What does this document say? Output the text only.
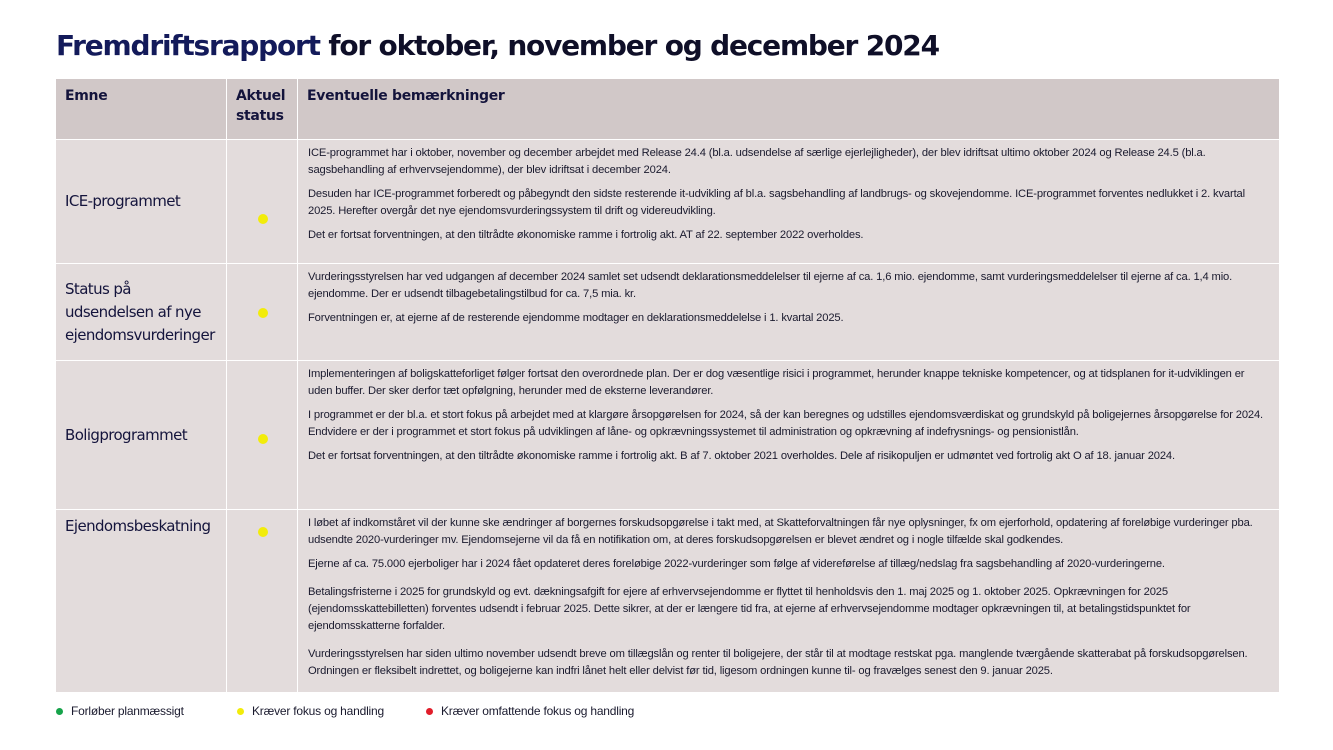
Fremdriftsrapport for oktober, november og december 2024
Emne	Aktuel status	Eventuelle bemærkninger
ICE-programmet		ICE-programmet har i oktober, november og december arbejdet med Release 24.4 (bl.a. udsendelse af særlige ejerlejligheder), der blev idriftsat ultimo oktober 2024 og Release 24.5 (bl.a. sagsbehandling af erhvervsejendomme), der blev idriftsat i december 2024.

Desuden har ICE-programmet forberedt og påbegyndt den sidste resterende it-udvikling af bl.a. sagsbehandling af landbrugs- og skovejendomme. ICE-programmet forventes nedlukket i 2. kvartal 2025. Herefter overgår det nye ejendomsvurderingssystem til drift og videreudvikling.

Det er fortsat forventningen, at den tiltrådte økonomiske ramme i fortrolig akt. AT af 22. september 2022 overholdes.

Status på udsendelsen af nye ejendomsvurderinger		Vurderingsstyrelsen har ved udgangen af december 2024 samlet set udsendt deklarationsmeddelelser til ejerne af ca. 1,6 mio. ejendomme, samt vurderingsmeddelelser til ejerne af ca. 1,4 mio. ejendomme. Der er udsendt tilbagebetalingstilbud for ca. 7,5 mia. kr.

Forventningen er, at ejerne af de resterende ejendomme modtager en deklarationsmeddelelse i 1. kvartal 2025.

Boligprogrammet		Implementeringen af boligskatteforliget følger fortsat den overordnede plan. Der er dog væsentlige risici i programmet, herunder knappe tekniske kompetencer, og at tidsplanen for it-udviklingen er uden buffer. Der sker derfor tæt opfølgning, herunder med de eksterne leverandører.

I programmet er der bl.a. et stort fokus på arbejdet med at klargøre årsopgørelsen for 2024, så der kan beregnes og udstilles ejendomsværdiskat og grundskyld på boligejernes årsopgørelse for 2024. Endvidere er der i programmet et stort fokus på udviklingen af låne- og opkrævningssystemet til administration og opkrævning af indefrysnings- og pensionistlån.

Det er fortsat forventningen, at den tiltrådte økonomiske ramme i fortrolig akt. B af 7. oktober 2021 overholdes. Dele af risikopuljen er udmøntet ved fortrolig akt O af 18. januar 2024.

Ejendomsbeskatning		I løbet af indkomståret vil der kunne ske ændringer af borgernes forskudsopgørelse i takt med, at Skatteforvaltningen får nye oplysninger, fx om ejerforhold, opdatering af foreløbige vurderinger pba. udsendte 2020-vurderinger mv. Ejendomsejerne vil da få en notifikation om, at deres forskudsopgørelsen er blevet ændret og i nogle tilfælde skal godkendes.

Ejerne af ca. 75.000 ejerboliger har i 2024 fået opdateret deres foreløbige 2022-vurderinger som følge af videreførelse af tillæg/nedslag fra sagsbehandling af 2020-vurderingerne.

Betalingsfristerne i 2025 for grundskyld og evt. dækningsafgift for ejere af erhvervsejendomme er flyttet til henholdsvis den 1. maj 2025 og 1. oktober 2025. Opkrævningen for 2025 (ejendomsskattebilletten) forventes udsendt i februar 2025. Dette sikrer, at der er længere tid fra, at ejerne af erhvervsejendomme modtager opkrævningen til, at betalingstidspunktet for ejendomsskatterne forfalder.

Vurderingsstyrelsen har siden ultimo november udsendt breve om tillægslån og renter til boligejere, der står til at modtage restskat pga. manglende tværgående skatterabat på forskudsopgørelsen. Ordningen er fleksibelt indrettet, og boligejerne kan indfri lånet helt eller delvist før tid, ligesom ordningen kunne til- og fravælges senest den 9. januar 2025.

Forløber planmæssigt	Kræver fokus og handling	Kræver omfattende fokus og handling
